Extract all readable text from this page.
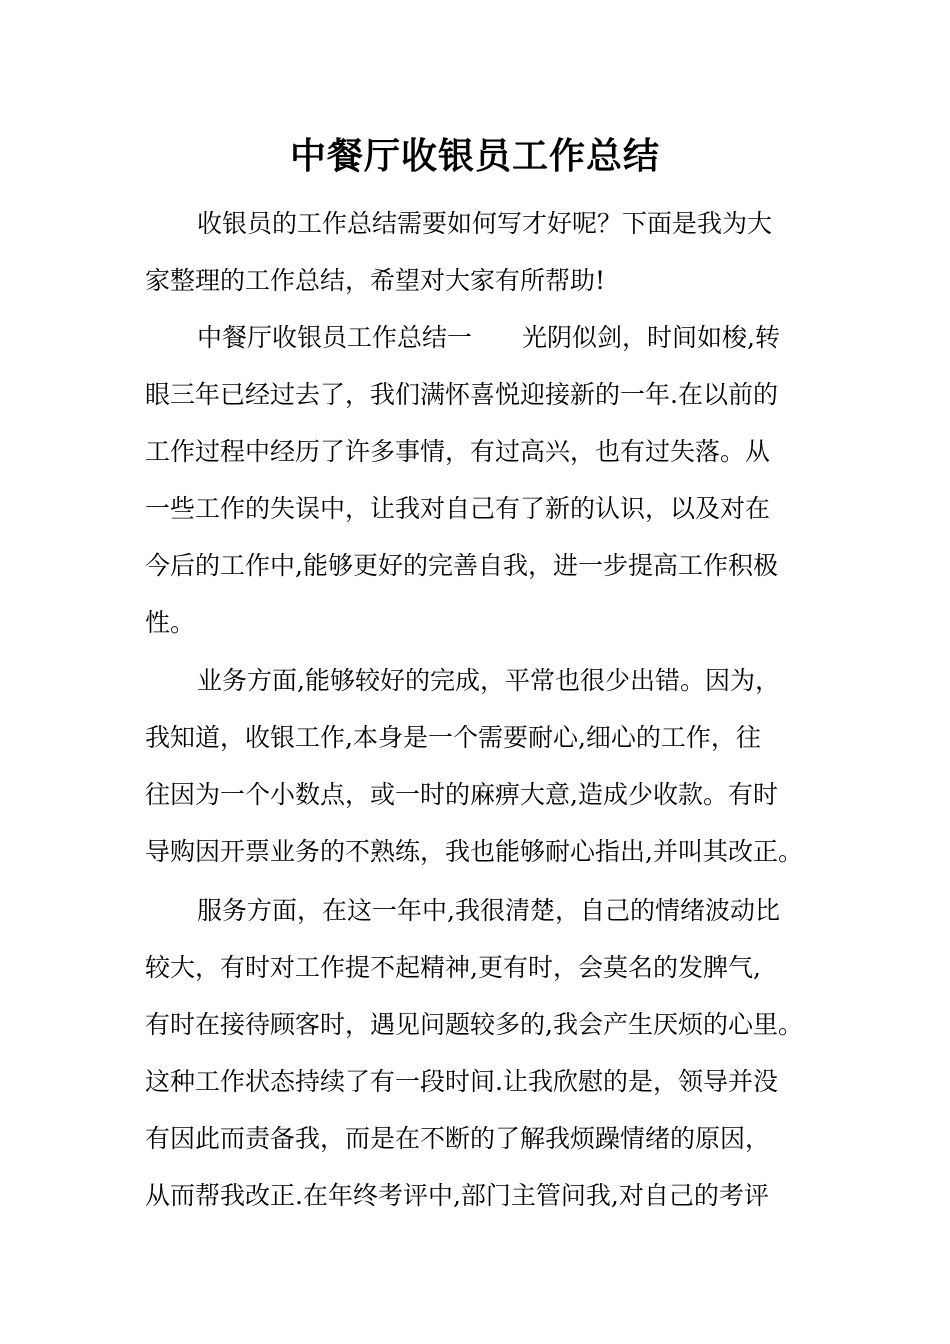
中餐厅收银员工作总结
收银员的工作总结需要如何写才好呢？下面是我为大
家整理的工作总结，希望对大家有所帮助!
中餐厅收银员工作总结一　　光阴似剑，时间如梭,转
眼三年已经过去了，我们满怀喜悦迎接新的一年.在以前的
工作过程中经历了许多事情，有过高兴，也有过失落。从
一些工作的失误中，让我对自己有了新的认识，以及对在
今后的工作中,能够更好的完善自我，进一步提高工作积极
性。
业务方面,能够较好的完成，平常也很少出错。因为，
我知道，收银工作,本身是一个需要耐心,细心的工作，往
往因为一个小数点，或一时的麻痹大意,造成少收款。有时
导购因开票业务的不熟练，我也能够耐心指出,并叫其改正。
服务方面，在这一年中,我很清楚，自己的情绪波动比
较大，有时对工作提不起精神,更有时，会莫名的发脾气,
有时在接待顾客时，遇见问题较多的,我会产生厌烦的心里。
这种工作状态持续了有一段时间.让我欣慰的是，领导并没
有因此而责备我，而是在不断的了解我烦躁情绪的原因，
从而帮我改正.在年终考评中,部门主管问我,对自己的考评
